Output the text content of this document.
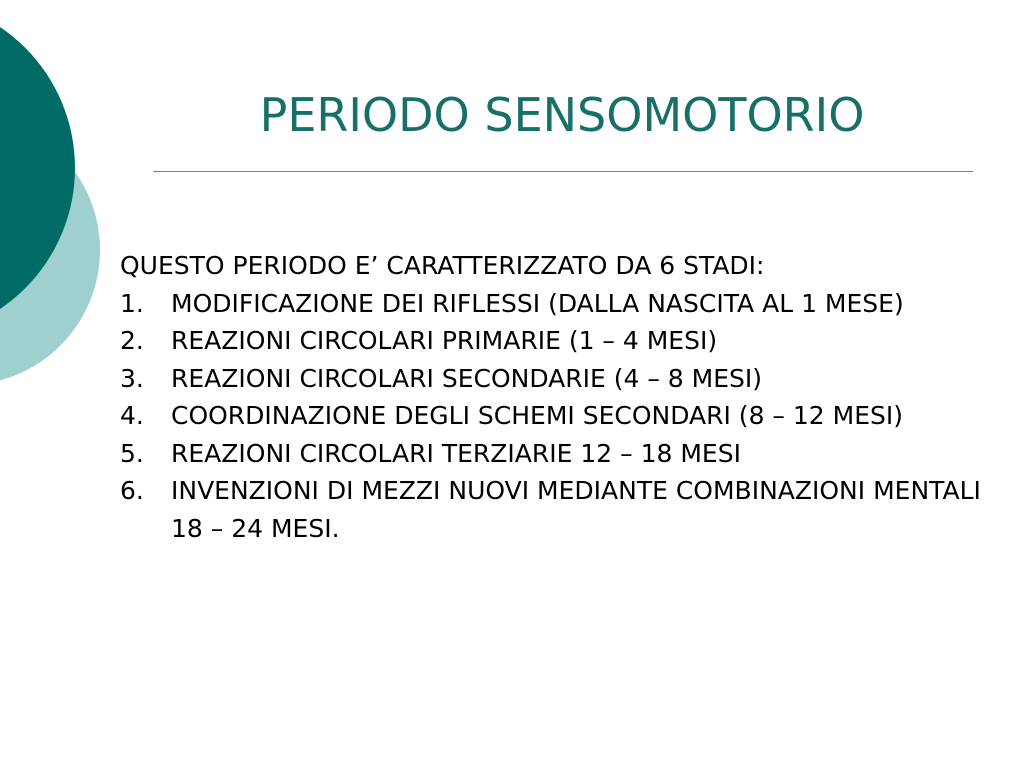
PERIODO SENSOMOTORIO

QUESTO PERIODO E’ CARATTERIZZATO DA 6 STADI:

1.	MODIFICAZIONE DEI RIFLESSI (DALLA NASCITA AL 1 MESE)
2.	REAZIONI CIRCOLARI PRIMARIE (1 – 4 MESI)
3.	REAZIONI CIRCOLARI SECONDARIE (4 – 8 MESI)
4.	COORDINAZIONE DEGLI SCHEMI SECONDARI (8 – 12 MESI)
5.	REAZIONI CIRCOLARI TERZIARIE 12 – 18 MESI
6.	INVENZIONI DI MEZZI NUOVI MEDIANTE COMBINAZIONI MENTALI 18 – 24 MESI.
